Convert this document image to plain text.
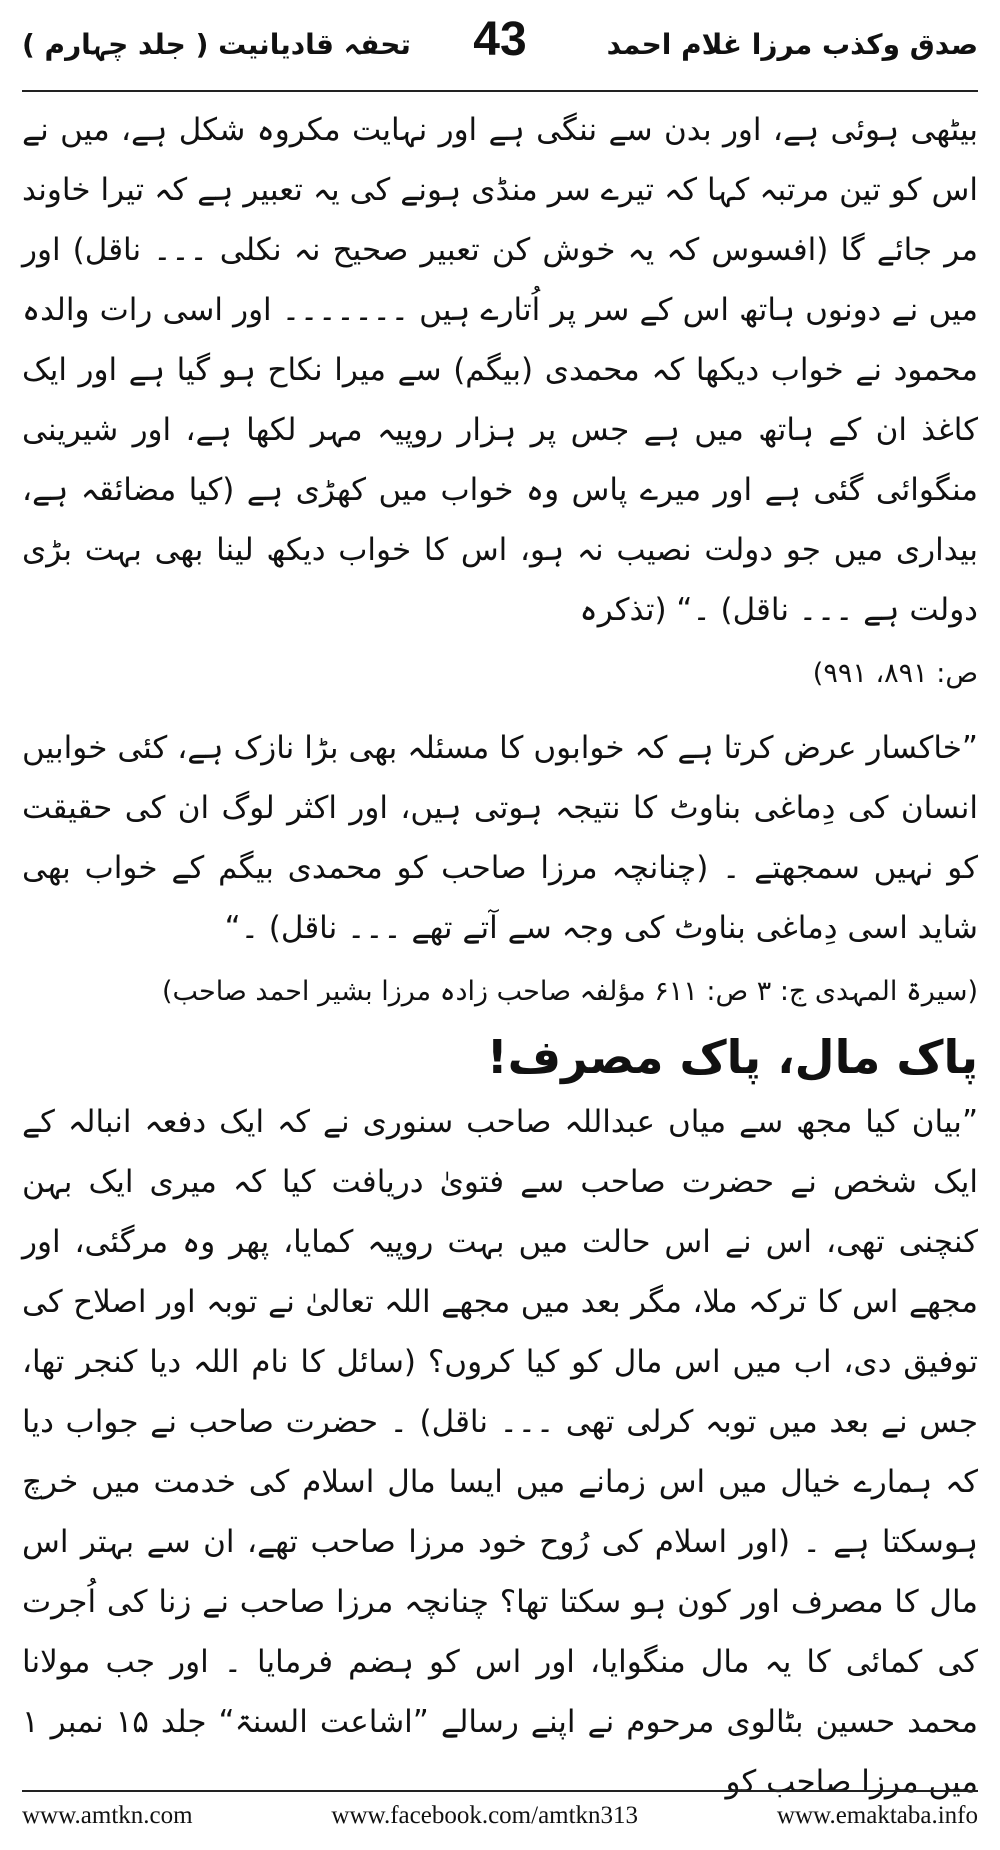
صدق وکذب مرزا غلام احمد
43
تحفہ قادیانیت ( جلد چہارم )

بیٹھی ہوئی ہے، اور بدن سے ننگی ہے اور نہایت مکروہ شکل ہے، میں نے اس کو تین مرتبہ کہا کہ تیرے سر منڈی ہونے کی یہ تعبیر ہے کہ تیرا خاوند مر جائے گا (افسوس کہ یہ خوش کن تعبیر صحیح نہ نکلی ۔۔۔ ناقل) اور میں نے دونوں ہاتھ اس کے سر پر اُتارے ہیں ۔۔۔۔۔۔۔ اور اسی رات والدہ محمود نے خواب دیکھا کہ محمدی (بیگم) سے میرا نکاح ہو گیا ہے اور ایک کاغذ ان کے ہاتھ میں ہے جس پر ہزار روپیہ مہر لکھا ہے، اور شیرینی منگوائی گئی ہے اور میرے پاس وہ خواب میں کھڑی ہے (کیا مضائقہ ہے، بیداری میں جو دولت نصیب نہ ہو، اس کا خواب دیکھ لینا بھی بہت بڑی دولت ہے ۔۔۔ ناقل) ۔“ (تذکرہ

ص: ۸۹۱، ۹۹۱)

”خاکسار عرض کرتا ہے کہ خوابوں کا مسئلہ بھی بڑا نازک ہے، کئی خوابیں انسان کی دِماغی بناوٹ کا نتیجہ ہوتی ہیں، اور اکثر لوگ ان کی حقیقت کو نہیں سمجھتے ۔ (چنانچہ مرزا صاحب کو محمدی بیگم کے خواب بھی شاید اسی دِماغی بناوٹ کی وجہ سے آتے تھے ۔۔۔ ناقل) ۔“

(سیرۃ المہدی ج: ۳ ص: ۶۱۱ مؤلفہ صاحب زادہ مرزا بشیر احمد صاحب)

پاک مال، پاک مصرف!

”بیان کیا مجھ سے میاں عبداللہ صاحب سنوری نے کہ ایک دفعہ انبالہ کے ایک شخص نے حضرت صاحب سے فتویٰ دریافت کیا کہ میری ایک بہن کنچنی تھی، اس نے اس حالت میں بہت روپیہ کمایا، پھر وہ مرگئی، اور مجھے اس کا ترکہ ملا، مگر بعد میں مجھے اللہ تعالیٰ نے توبہ اور اصلاح کی توفیق دی، اب میں اس مال کو کیا کروں؟ (سائل کا نام اللہ دیا کنجر تھا، جس نے بعد میں توبہ کرلی تھی ۔۔۔ ناقل) ۔ حضرت صاحب نے جواب دیا کہ ہمارے خیال میں اس زمانے میں ایسا مال اسلام کی خدمت میں خرچ ہوسکتا ہے ۔ (اور اسلام کی رُوح خود مرزا صاحب تھے، ان سے بہتر اس مال کا مصرف اور کون ہو سکتا تھا؟ چنانچہ مرزا صاحب نے زنا کی اُجرت کی کمائی کا یہ مال منگوایا، اور اس کو ہضم فرمایا ۔ اور جب مولانا محمد حسین بٹالوی مرحوم نے اپنے رسالے ”اشاعت السنۃ“ جلد ۱۵ نمبر ۱ میں مرزا صاحب کو

www.amtkn.com	www.facebook.com/amtkn313	www.emaktaba.info
